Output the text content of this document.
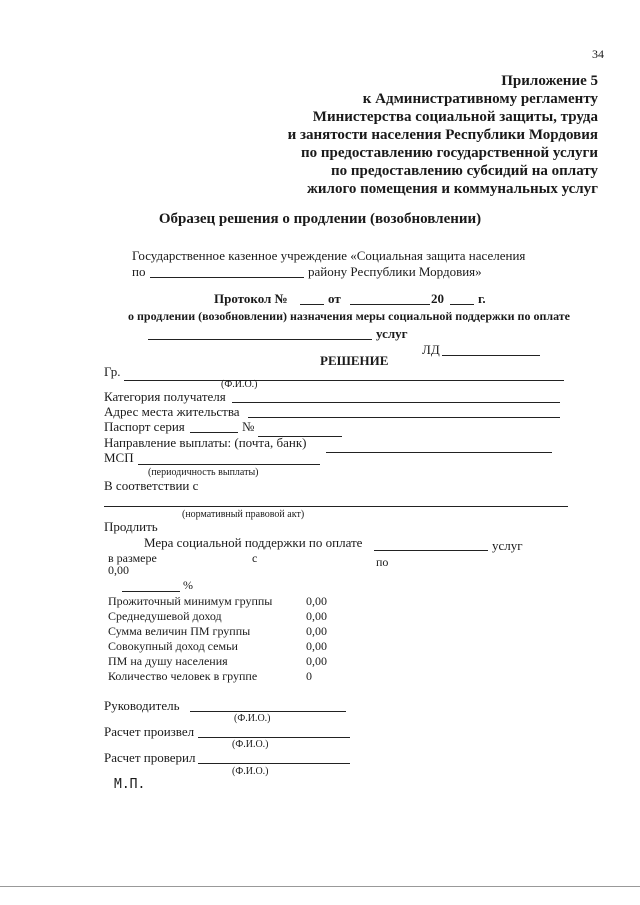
34
Приложение 5
к Административному регламенту
Министерства социальной защиты, труда
и занятости населения Республики Мордовия
по предоставлению государственной услуги
по предоставлению субсидий на оплату
жилого помещения и коммунальных услуг
Образец решения о продлении (возобновлении)
Государственное казенное учреждение «Социальная защита населения
по	району Республики Мордовия»
Протокол №	от	20	г.
о продлении (возобновлении) назначения меры социальной поддержки по оплате
услуг
ЛД
РЕШЕНИЕ
Гр.
(Ф.И.О.)
Категория получателя
Адрес места жительства
Паспорт серия	№
Направление выплаты: (почта, банк)
МСП
(периодичность выплаты)
В соответствии с
(нормативный правовой акт)
Продлить
Мера социальной поддержки по оплате	услуг
в размере	с	по
0,00
%
Прожиточный минимум группы	0,00
Среднедушевой доход	0,00
Сумма величин ПМ группы	0,00
Совокупный доход семьи	0,00
ПМ на душу населения	0,00
Количество человек в группе	0
Руководитель
(Ф.И.О.)
Расчет произвел
(Ф.И.О.)
Расчет проверил
(Ф.И.О.)
М.П.
